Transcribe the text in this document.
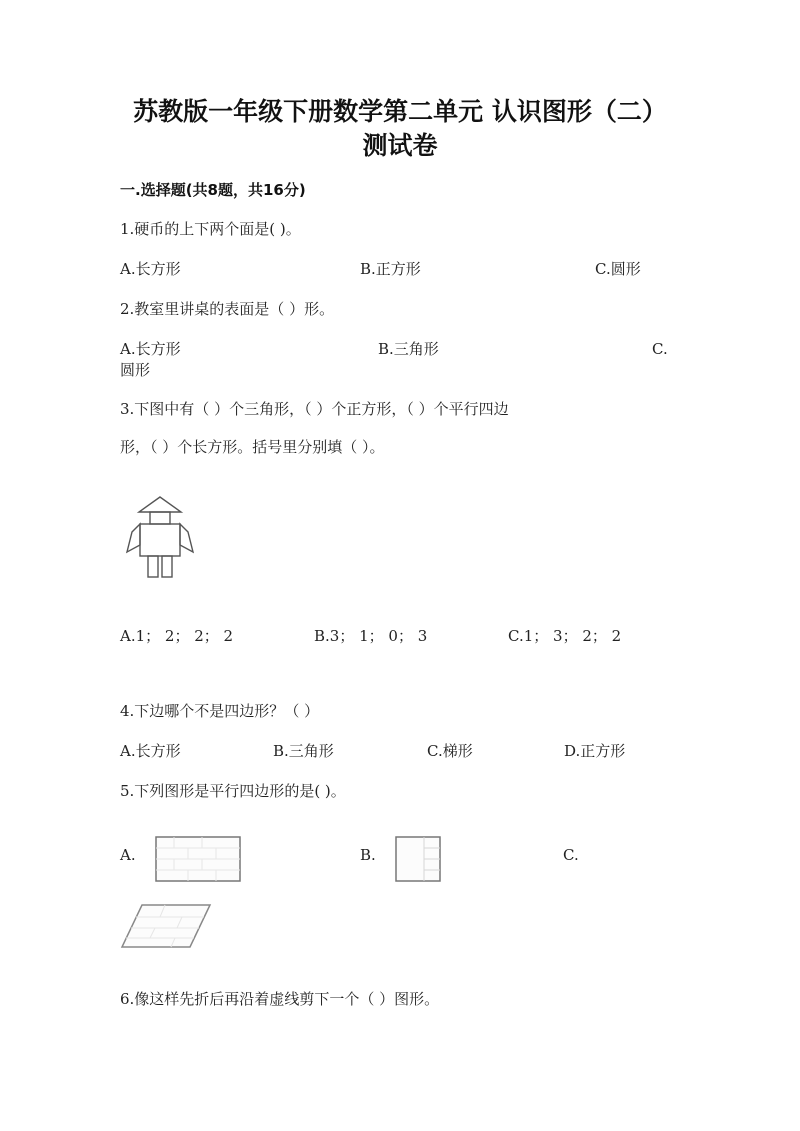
苏教版一年级下册数学第二单元 认识图形（二）
测试卷
一.选择题(共8题，共16分)
1.硬币的上下两个面是( )。
A.长方形	B.正方形	C.圆形
2.教室里讲桌的表面是（ ）形。
A.长方形	B.三角形	C.
圆形
3.下图中有（ ）个三角形，（ ）个正方形，（ ）个平行四边
形，（ ）个长方形。括号里分别填（ ）。
A.1； 2； 2； 2	B.3； 1； 0； 3	C.1； 3； 2； 2
4.下边哪个不是四边形？（ ）
A.长方形	B.三角形	C.梯形	D.正方形
5.下列图形是平行四边形的是( )。
A.	B.	C.
6.像这样先折后再沿着虚线剪下一个（ ）图形。
